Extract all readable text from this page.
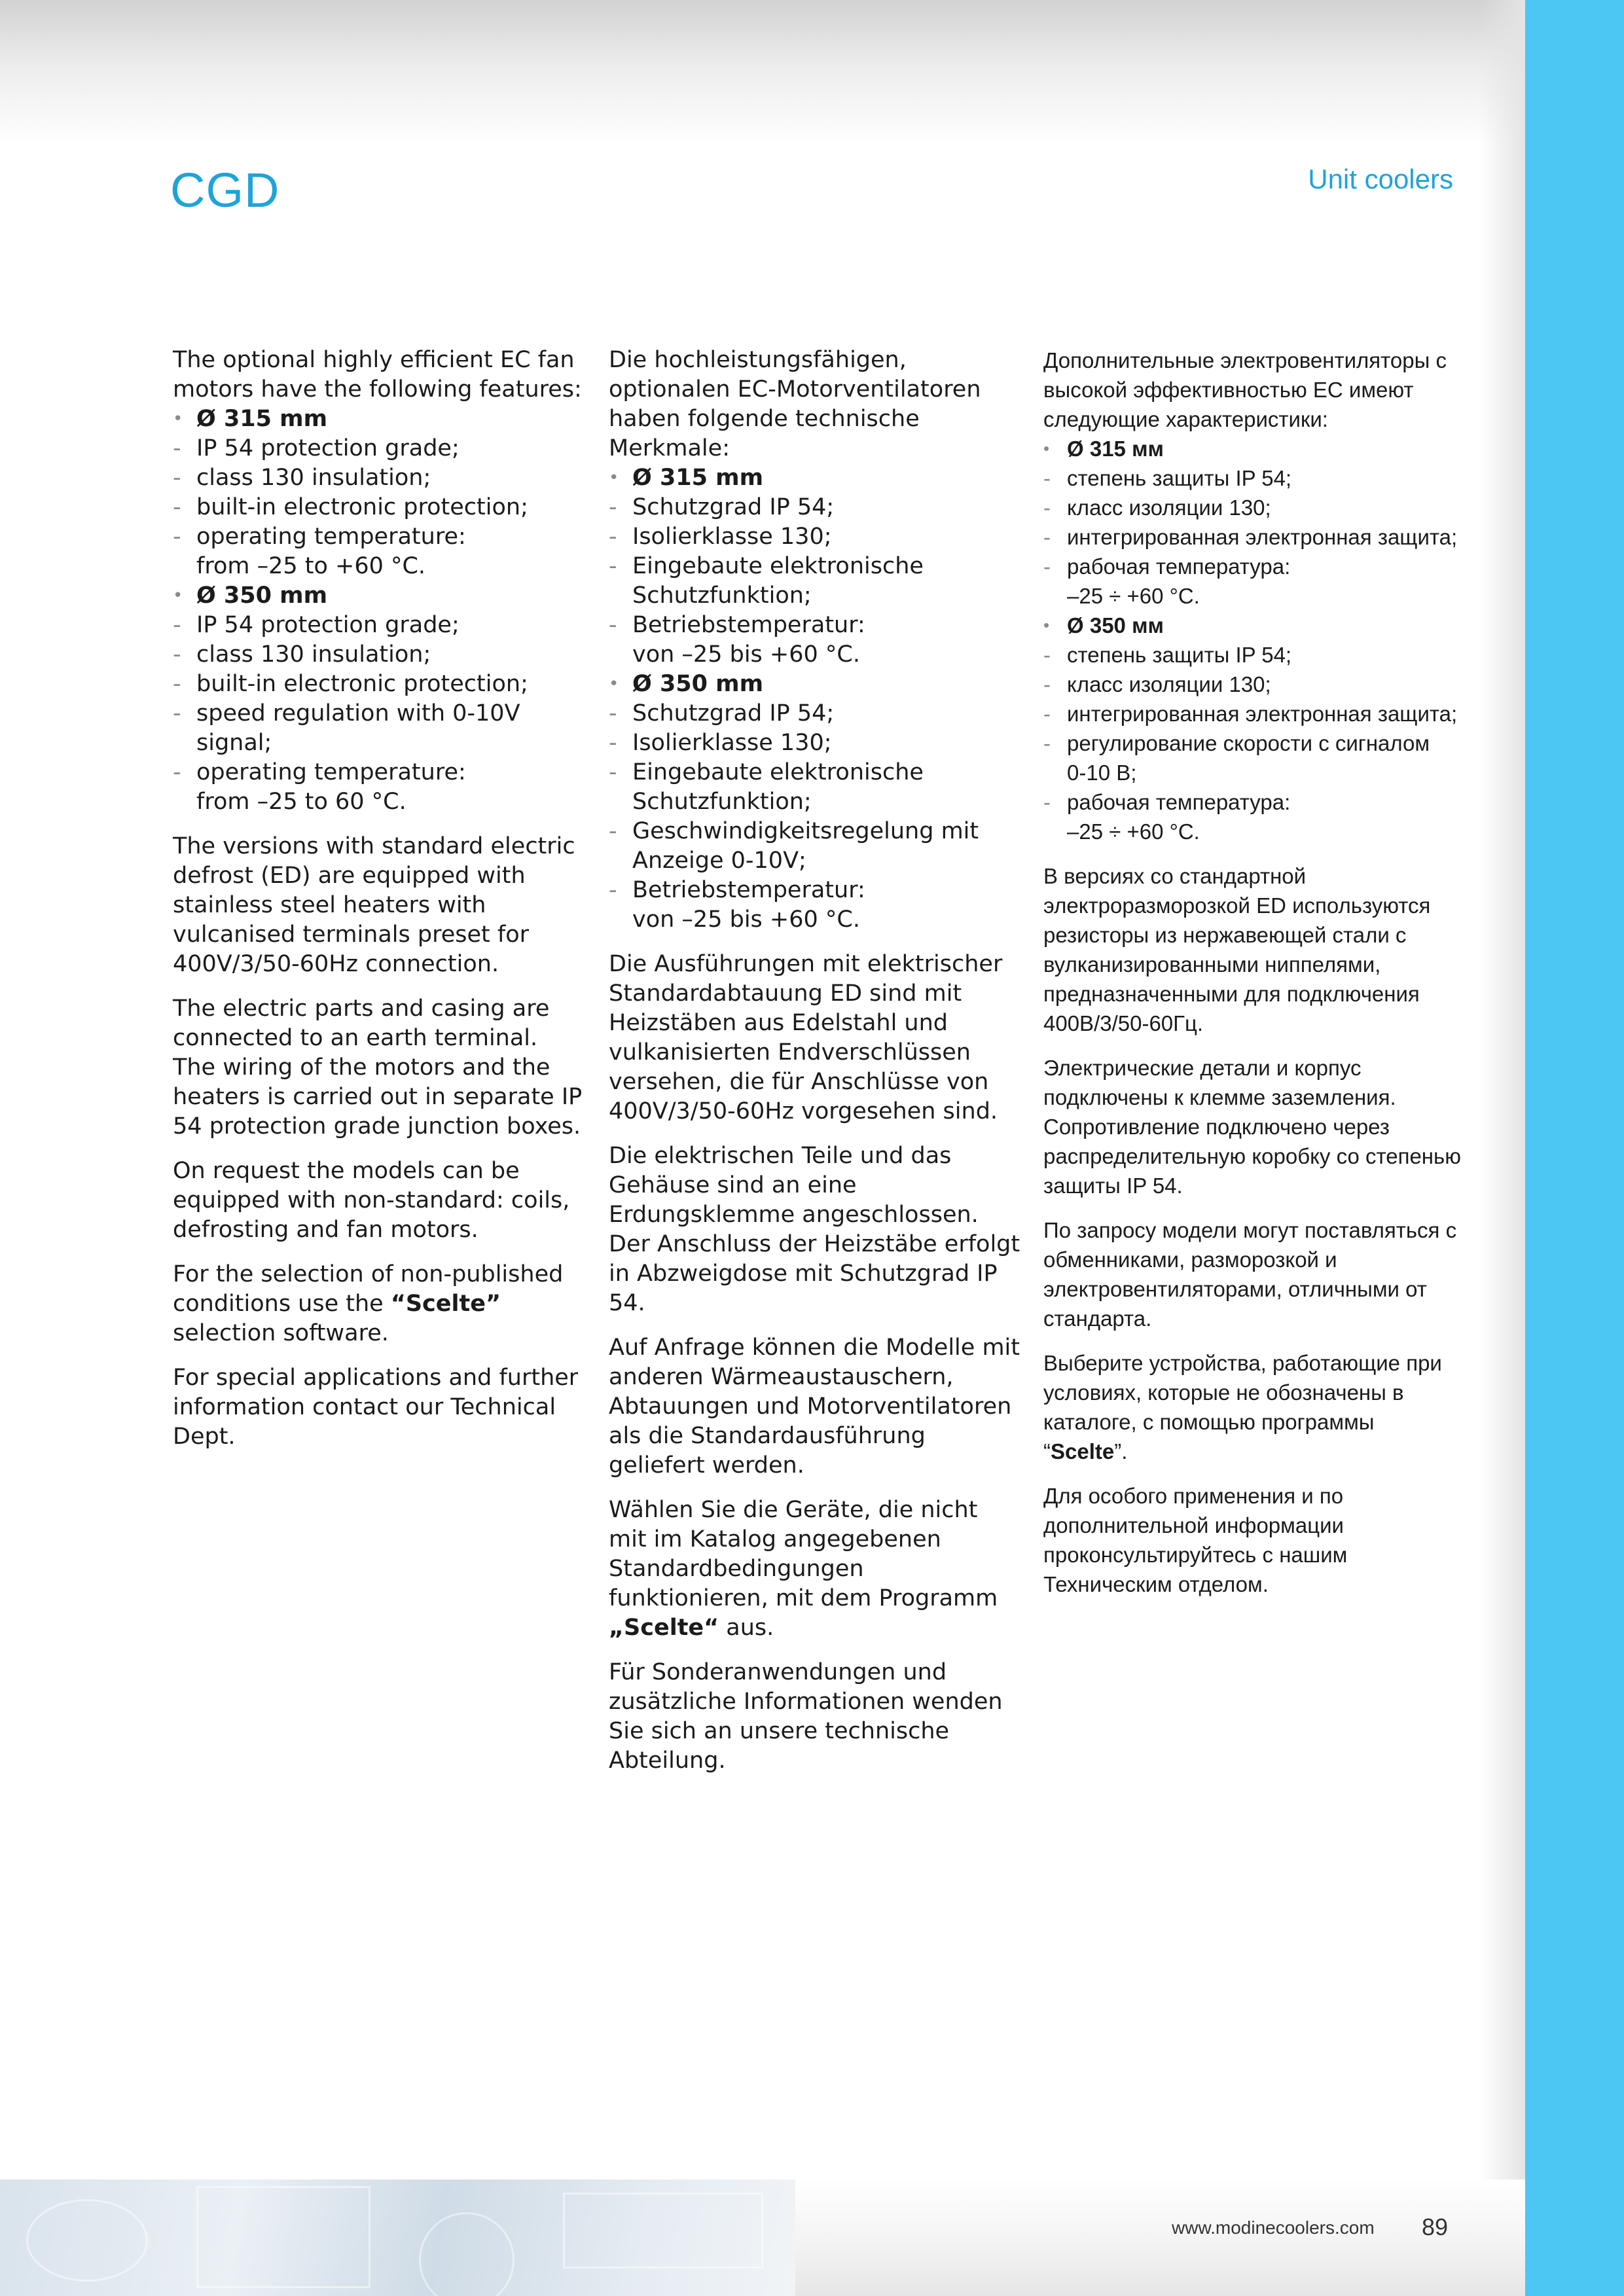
CGD	Unit coolers
The optional highly efficient EC fan motors have the following features:
• Ø 315 mm
- IP 54 protection grade;
- class 130 insulation;
- built-in electronic protection;
- operating temperature:
from –25 to +60 °C.
• Ø 350 mm
- IP 54 protection grade;
- class 130 insulation;
- built-in electronic protection;
- speed regulation with 0-10V signal;
- operating temperature:
from –25 to 60 °C.

The versions with standard electric defrost (ED) are equipped with stainless steel heaters with vulcanised terminals preset for 400V/3/50-60Hz connection.

The electric parts and casing are connected to an earth terminal. The wiring of the motors and the heaters is carried out in separate IP 54 protection grade junction boxes.

On request the models can be equipped with non-standard: coils, defrosting and fan motors.

For the selection of non-published conditions use the “Scelte” selection software.

For special applications and further information contact our Technical Dept.

Die hochleistungsfähigen, optionalen EC-Motorventilatoren haben folgende technische Merkmale:
• Ø 315 mm
- Schutzgrad IP 54;
- Isolierklasse 130;
- Eingebaute elektronische
Schutzfunktion;
- Betriebstemperatur:
von –25 bis +60 °C.
• Ø 350 mm
- Schutzgrad IP 54;
- Isolierklasse 130;
- Eingebaute elektronische
Schutzfunktion;
- Geschwindigkeitsregelung mit
Anzeige 0-10V;
- Betriebstemperatur:
von –25 bis +60 °C.

Die Ausführungen mit elektrischer Standardabtauung ED sind mit Heizstäben aus Edelstahl und vulkanisierten Endverschlüssen versehen, die für Anschlüsse von 400V/3/50-60Hz vorgesehen sind.

Die elektrischen Teile und das Gehäuse sind an eine Erdungsklemme angeschlossen. Der Anschluss der Heizstäbe erfolgt in Abzweigdose mit Schutzgrad IP 54.

Auf Anfrage können die Modelle mit anderen Wärmeaustauschern, Abtauungen und Motorventilatoren als die Standardausführung geliefert werden.

Wählen Sie die Geräte, die nicht mit im Katalog angegebenen Standardbedingungen funktionieren, mit dem Programm „Scelte“ aus.

Für Sonderanwendungen und zusätzliche Informationen wenden Sie sich an unsere technische Abteilung.

Дополнительные электровентиляторы с высокой эффективностью ЕС имеют следующие характеристики:
• Ø 315 мм
- степень защиты IP 54;
- класс изоляции 130;
- интегрированная электронная защита;
- рабочая температура:
–25 ÷ +60 °С.
• Ø 350 мм
- степень защиты IP 54;
- класс изоляции 130;
- интегрированная электронная защита;
- регулирование скорости с сигналом
0-10 В;
- рабочая температура:
–25 ÷ +60 °С.

В версиях со стандартной электроразморозкой ED используются резисторы из нержавеющей стали с вулканизированными ниппелями, предназначенными для подключения 400В/3/50-60Гц.

Электрические детали и корпус подключены к клемме заземления. Сопротивление подключено через распределительную коробку со степенью защиты IP 54.

По запросу модели могут поставляться с обменниками, разморозкой и электровентиляторами, отличными от стандарта.

Выберите устройства, работающие при условиях, которые не обозначены в каталоге, с помощью программы “Scelte”.

Для особого применения и по дополнительной информации проконсультируйтесь с нашим Техническим отделом.

www.modinecoolers.com 89
